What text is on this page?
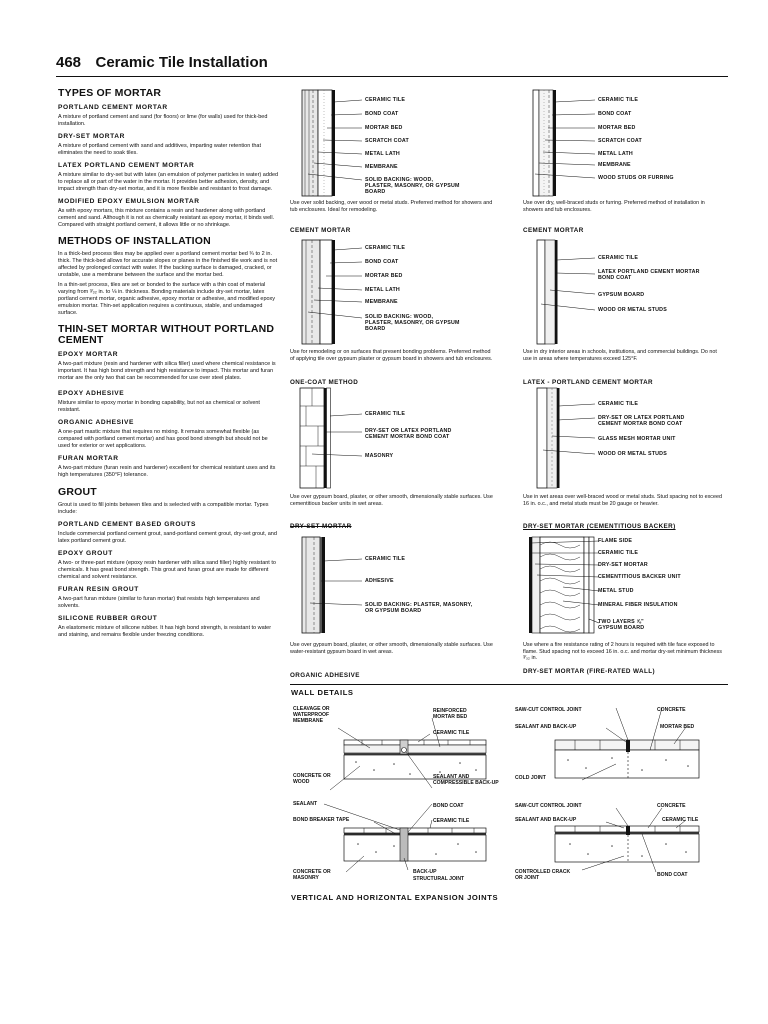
468 Ceramic Tile Installation
TYPES OF MORTAR
PORTLAND CEMENT MORTAR
A mixture of portland cement and sand (for floors) or lime (for walls) used for thick-bed installation.
DRY-SET MORTAR
A mixture of portland cement with sand and additives, imparting water retention that eliminates the need to soak tiles.
LATEX PORTLAND CEMENT MORTAR
A mixture similar to dry-set but with latex (an emulsion of polymer particles in water) added to replace all or part of the water in the mortar. It provides better adhesion, density, and impact strength than dry-set mortar, and it is more flexible and resistant to frost damage.
MODIFIED EPOXY EMULSION MORTAR
As with epoxy mortars, this mixture contains a resin and hardener along with portland cement and sand. Although it is not as chemically resistant as epoxy mortar, it binds well. Compared with straight portland cement, it allows little or no shrinkage.
METHODS OF INSTALLATION
In a thick-bed process tiles may be applied over a portland cement mortar bed ¾ to 2 in. thick. The thick-bed allows for accurate slopes or planes in the finished tile work and is not affected by prolonged contact with water. If the backing surface is damaged, cracked, or unstable, use a membrane between the surface and the mortar bed.
In a thin-set process, tiles are set or bonded to the surface with a thin coat of material varying from ³⁄₃₂ in. to ⅛ in. thickness. Bonding materials include dry-set mortar, latex portland cement mortar, organic adhesive, epoxy mortar or adhesive, and modified epoxy emulsion mortar. Thin-set application requires a continuous, stable, and undamaged surface.
THIN-SET MORTAR WITHOUT PORTLAND CEMENT
EPOXY MORTAR
A two-part mixture (resin and hardener with silica filler) used where chemical resistance is important. It has high bond strength and high resistance to impact. This mortar and furan mortar are the only two that can be recommended for use over steel plates.
EPOXY ADHESIVE
Mixture similar to epoxy mortar in bonding capability, but not as chemical or solvent resistant.
ORGANIC ADHESIVE
A one-part mastic mixture that requires no mixing. It remains somewhat flexible (as compared with portland cement mortar) and has good bond strength but should not be used for exterior or wet applications.
FURAN MORTAR
A two-part mixture (furan resin and hardener) excellent for chemical resistant uses and its high temperatures (350°F) tolerance.
GROUT
Grout is used to fill joints between tiles and is selected with a compatible mortar. Types include:
PORTLAND CEMENT BASED GROUTS
Include commercial portland cement grout, sand-portland cement grout, dry-set grout, and latex portland cement grout.
EPOXY GROUT
A two- or three-part mixture (epoxy resin hardener with silica sand filler) highly resistant to chemicals. It has great bond strength. This grout and furan grout are made for different chemical and solvent resistance.
FURAN RESIN GROUT
A two-part furan mixture (similar to furan mortar) that resists high temperatures and solvents.
SILICONE RUBBER GROUT
An elastomeric mixture of silicone rubber. It has high bond strength, is resistant to water and staining, and remains flexible under freezing conditions.
CERAMIC TILE
BOND COAT
MORTAR BED
SCRATCH COAT
METAL LATH
MEMBRANE
SOLID BACKING: WOOD, PLASTER, MASONRY, OR GYPSUM BOARD
Use over solid backing, over wood or metal studs. Preferred method for showers and tub enclosures. Ideal for remodeling.
CEMENT MORTAR
CERAMIC TILE
BOND COAT
MORTAR BED
SCRATCH COAT
METAL LATH
MEMBRANE
WOOD STUDS OR FURRING
Use over dry, well-braced studs or furring. Preferred method of installation in showers and tub enclosures.
CEMENT MORTAR
CERAMIC TILE
BOND COAT
MORTAR BED
METAL LATH
MEMBRANE
SOLID BACKING: WOOD, PLASTER, MASONRY, OR GYPSUM BOARD
Use for remodeling or on surfaces that present bonding problems. Preferred method of applying tile over gypsum plaster or gypsum board in showers and tub enclosures.
ONE-COAT METHOD
CERAMIC TILE
LATEX PORTLAND CEMENT MORTAR BOND COAT
GYPSUM BOARD
WOOD OR METAL STUDS
Use in dry interior areas in schools, institutions, and commercial buildings. Do not use in areas where temperatures exceed 125°F.
LATEX - PORTLAND CEMENT MORTAR
CERAMIC TILE
DRY-SET OR LATEX PORTLAND CEMENT MORTAR BOND COAT
MASONRY
Use over gypsum board, plaster, or other smooth, dimensionally stable surfaces. Use cementitious backer units in wet areas.
DRY-SET MORTAR
CERAMIC TILE
DRY-SET OR LATEX PORTLAND CEMENT MORTAR BOND COAT
GLASS MESH MORTAR UNIT
WOOD OR METAL STUDS
Use in wet areas over well-braced wood or metal studs. Stud spacing not to exceed 16 in. o.c., and metal studs must be 20 gauge or heavier.
DRY-SET MORTAR (CEMENTITIOUS BACKER)
CERAMIC TILE
ADHESIVE
SOLID BACKING: PLASTER, MASONRY, OR GYPSUM BOARD
Use over gypsum board, plaster, or other smooth, dimensionally stable surfaces. Use water-resistant gypsum board in wet areas.
ORGANIC ADHESIVE
FLAME SIDE
CERAMIC TILE
DRY-SET MORTAR
CEMENTITIOUS BACKER UNIT
METAL STUD
MINERAL FIBER INSULATION
TWO LAYERS ⅝" GYPSUM BOARD
Use where a fire resistance rating of 2 hours is required with tile face exposed to flame. Stud spacing not to exceed 16 in. o.c. and mortar dry-set minimum thickness ³⁄₃₂ in.
DRY-SET MORTAR (FIRE-RATED WALL)
WALL DETAILS
CLEAVAGE OR WATERPROOF MEMBRANE
REINFORCED MORTAR BED
CERAMIC TILE
CONCRETE OR WOOD
SEALANT AND COMPRESSIBLE BACK-UP
SAW-CUT CONTROL JOINT	CONCRETE
SEALANT AND BACK-UP	MORTAR BED
COLD JOINT
SEALANT	BOND COAT
BOND BREAKER TAPE	CERAMIC TILE
CONCRETE OR MASONRY
BACK-UP
STRUCTURAL JOINT
SAW-CUT CONTROL JOINT	CONCRETE
SEALANT AND BACK-UP	CERAMIC TILE
CONTROLLED CRACK OR JOINT	BOND COAT
VERTICAL AND HORIZONTAL EXPANSION JOINTS
